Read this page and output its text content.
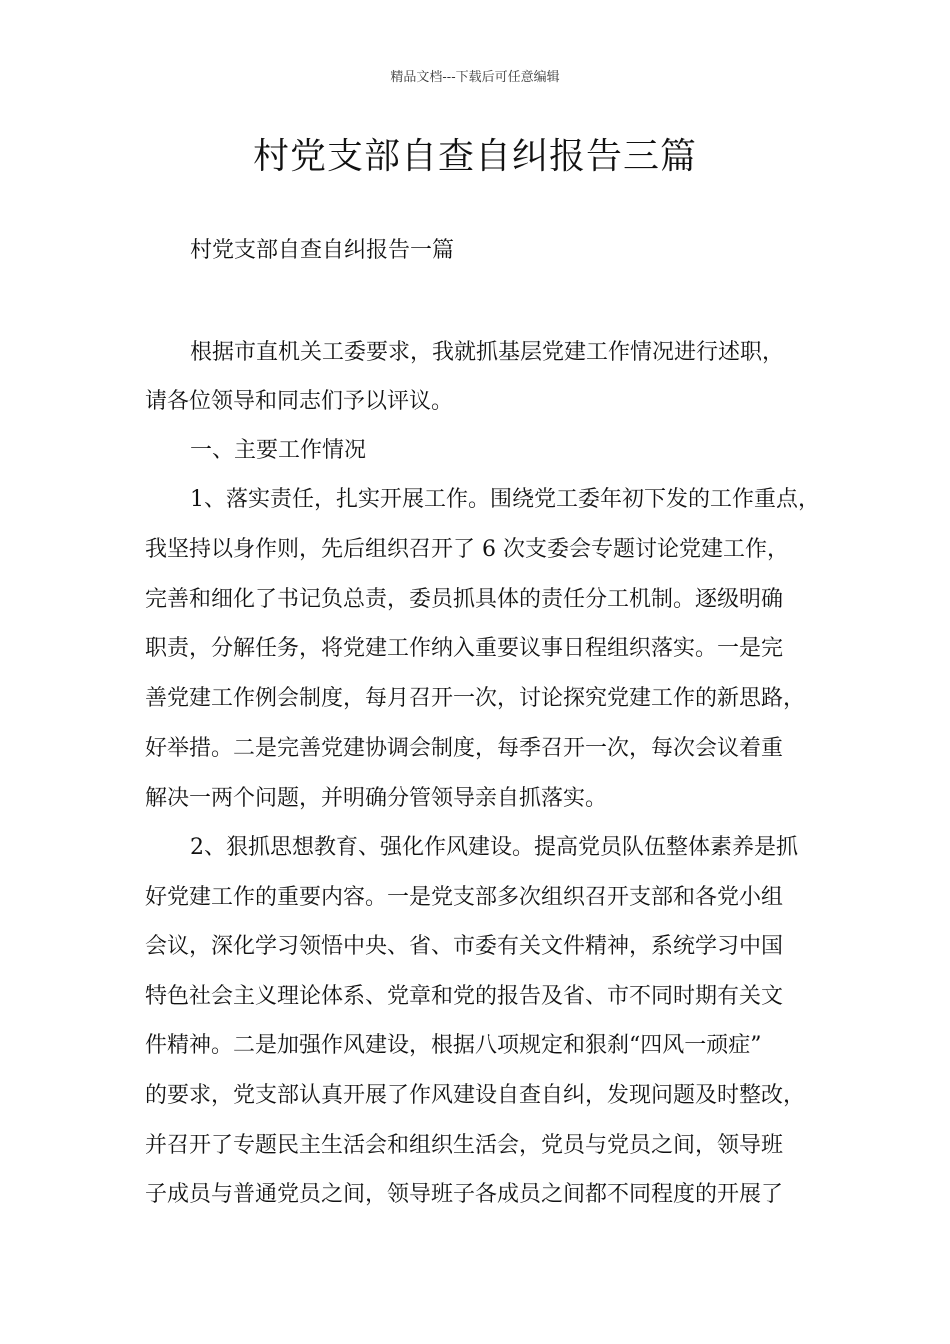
精品文档---下载后可任意编辑
村党支部自查自纠报告三篇
村党支部自查自纠报告一篇
根据市直机关工委要求，我就抓基层党建工作情况进行述职，
请各位领导和同志们予以评议。
一、主要工作情况
1、落实责任，扎实开展工作。围绕党工委年初下发的工作重点，
我坚持以身作则，先后组织召开了 6 次支委会专题讨论党建工作，
完善和细化了书记负总责，委员抓具体的责任分工机制。逐级明确
职责，分解任务，将党建工作纳入重要议事日程组织落实。一是完
善党建工作例会制度，每月召开一次，讨论探究党建工作的新思路，
好举措。二是完善党建协调会制度，每季召开一次，每次会议着重
解决一两个问题，并明确分管领导亲自抓落实。
2、狠抓思想教育、强化作风建设。提高党员队伍整体素养是抓
好党建工作的重要内容。一是党支部多次组织召开支部和各党小组
会议，深化学习领悟中央、省、市委有关文件精神，系统学习中国
特色社会主义理论体系、党章和党的报告及省、市不同时期有关文
件精神。二是加强作风建设，根据八项规定和狠刹“四风一顽症”
的要求，党支部认真开展了作风建设自查自纠，发现问题及时整改，
并召开了专题民主生活会和组织生活会，党员与党员之间，领导班
子成员与普通党员之间，领导班子各成员之间都不同程度的开展了
